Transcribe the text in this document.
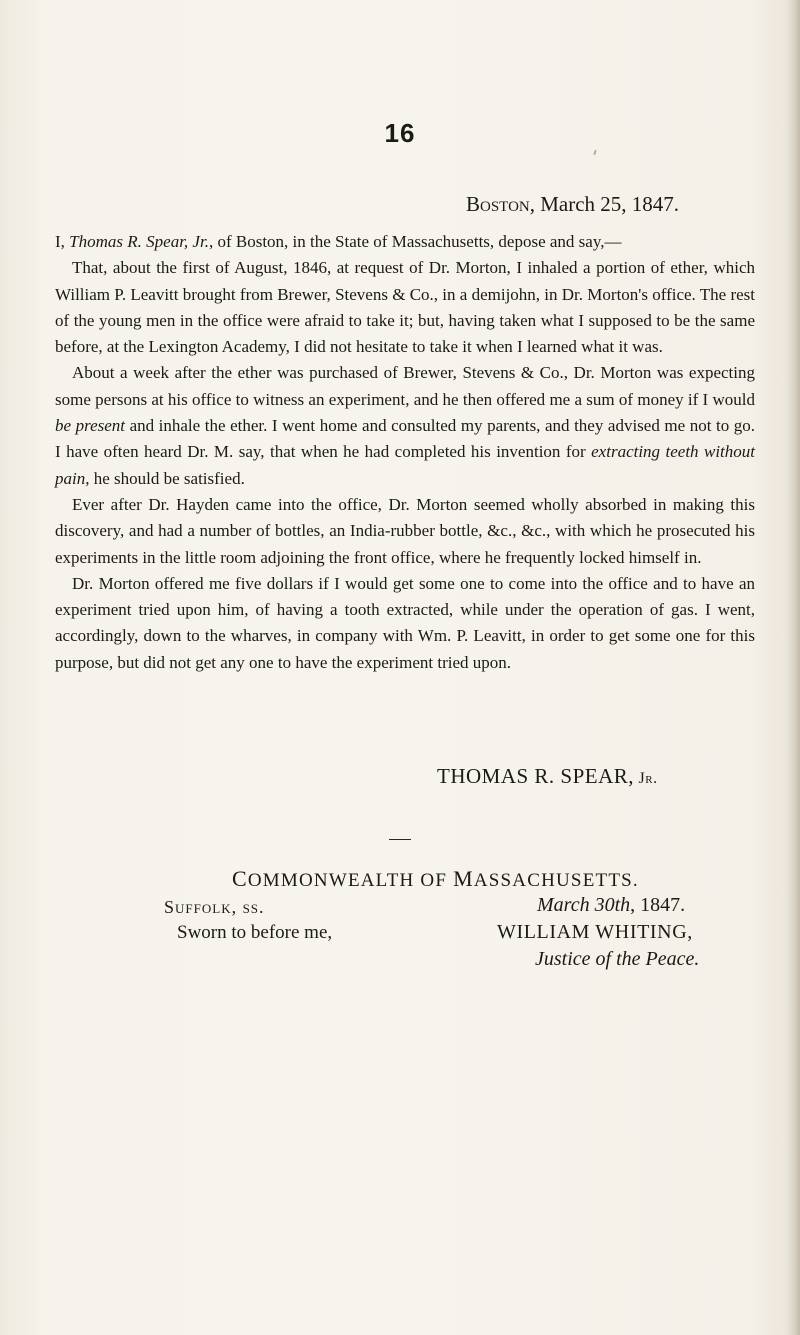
16
Boston, March 25, 1847.

I, Thomas R. Spear, Jr., of Boston, in the State of Massachusetts, depose and say,—

That, about the first of August, 1846, at request of Dr. Morton, I inhaled a portion of ether, which William P. Leavitt brought from Brewer, Stevens & Co., in a demijohn, in Dr. Morton's office. The rest of the young men in the office were afraid to take it; but, having taken what I supposed to be the same before, at the Lexington Academy, I did not hesitate to take it when I learned what it was.

About a week after the ether was purchased of Brewer, Stevens & Co., Dr. Morton was expecting some persons at his office to witness an experiment, and he then offered me a sum of money if I would be present and inhale the ether. I went home and consulted my parents, and they advised me not to go. I have often heard Dr. M. say, that when he had completed his invention for extracting teeth without pain, he should be satisfied.

Ever after Dr. Hayden came into the office, Dr. Morton seemed wholly absorbed in making this discovery, and had a number of bottles, an India-rubber bottle, &c., &c., with which he prosecuted his experiments in the little room adjoining the front office, where he frequently locked himself in.

Dr. Morton offered me five dollars if I would get some one to come into the office and to have an experiment tried upon him, of having a tooth extracted, while under the operation of gas. I went, accordingly, down to the wharves, in company with Wm. P. Leavitt, in order to get some one for this purpose, but did not get any one to have the experiment tried upon.

THOMAS R. SPEAR, Jr.
COMMONWEALTH OF MASSACHUSETTS.
Suffolk, ss.	March 30th, 1847.
Sworn to before me,	WILLIAM WHITING,
Justice of the Peace.
